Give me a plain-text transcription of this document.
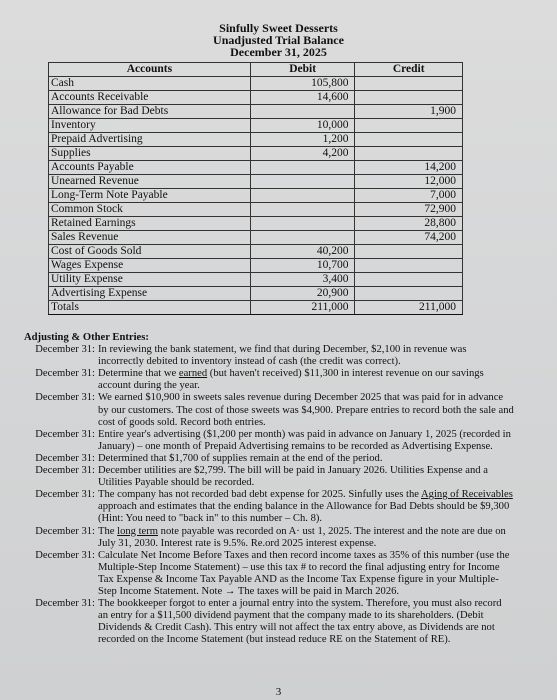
Sinfully Sweet Desserts
Unadjusted Trial Balance
December 31, 2025
Accounts	Debit	Credit
Cash	105,800	
Accounts Receivable	14,600	
Allowance for Bad Debts		1,900
Inventory	10,000	
Prepaid Advertising	1,200	
Supplies	4,200	
Accounts Payable		14,200
Unearned Revenue		12,000
Long-Term Note Payable		7,000
Common Stock		72,900
Retained Earnings		28,800
Sales Revenue		74,200
Cost of Goods Sold	40,200	
Wages Expense	10,700	
Utility Expense	3,400	
Advertising Expense	20,900	
Totals	211,000	211,000
Adjusting & Other Entries:
December 31: In reviewing the bank statement, we find that during December, $2,100 in revenue was incorrectly debited to inventory instead of cash (the credit was correct).
December 31: Determine that we earned (but haven't received) $11,300 in interest revenue on our savings account during the year.
December 31: We earned $10,900 in sweets sales revenue during December 2025 that was paid for in advance by our customers. The cost of those sweets was $4,900. Prepare entries to record both the sale and cost of goods sold. Record both entries.
December 31: Entire year's advertising ($1,200 per month) was paid in advance on January 1, 2025 (recorded in January) – one month of Prepaid Advertising remains to be recorded as Advertising Expense.
December 31: Determined that $1,700 of supplies remain at the end of the period.
December 31: December utilities are $2,799. The bill will be paid in January 2026. Utilities Expense and a Utilities Payable should be recorded.
December 31: The company has not recorded bad debt expense for 2025. Sinfully uses the Aging of Receivables approach and estimates that the ending balance in the Allowance for Bad Debts should be $9,300 (Hint: You need to "back in" to this number – Ch. 8).
December 31: The long term note payable was recorded on A· ust 1, 2025. The interest and the note are due on July 31, 2030. Interest rate is 9.5%. Re.ord 2025 interest expense.
December 31: Calculate Net Income Before Taxes and then record income taxes as 35% of this number (use the Multiple-Step Income Statement) – use this tax # to record the final adjusting entry for Income Tax Expense & Income Tax Payable AND as the Income Tax Expense figure in your Multiple-Step Income Statement. Note → The taxes will be paid in March 2026.
December 31: The bookkeeper forgot to enter a journal entry into the system. Therefore, you must also record an entry for a $11,500 dividend payment that the company made to its shareholders. (Debit Dividends & Credit Cash). This entry will not affect the tax entry above, as Dividends are not recorded on the Income Statement (but instead reduce RE on the Statement of RE).
3
